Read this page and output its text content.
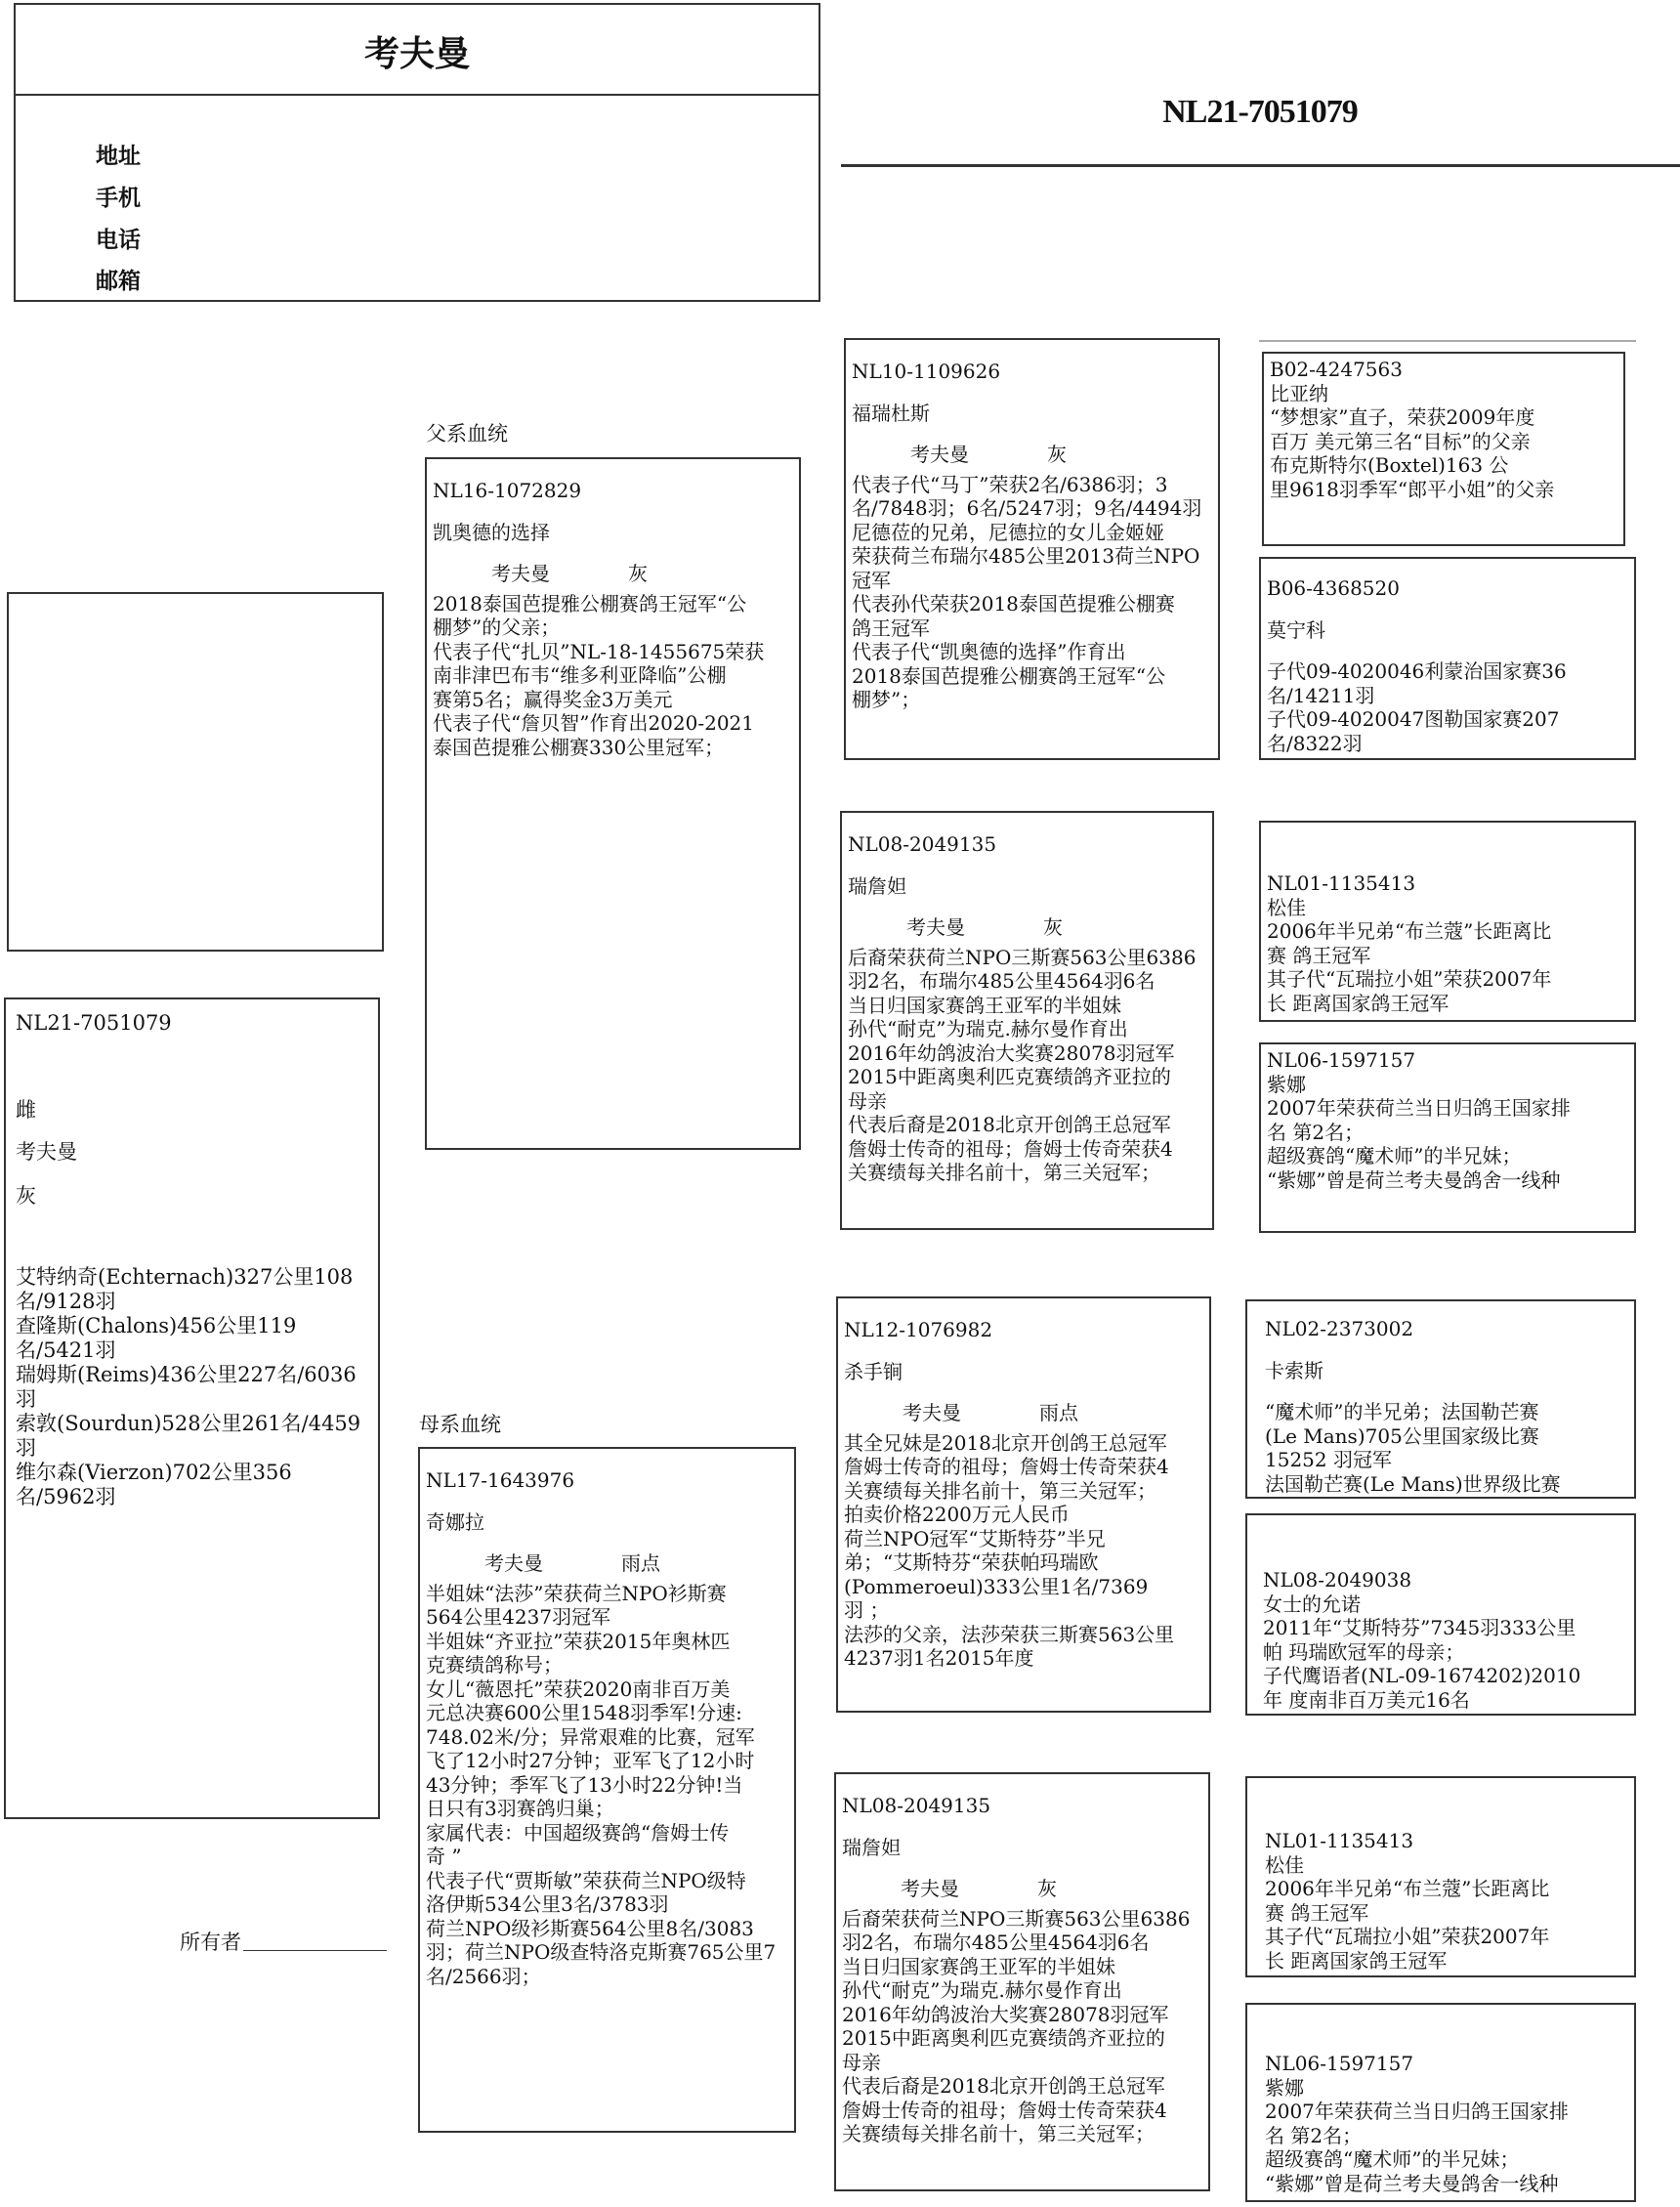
考夫曼
地址
手机
电话
邮箱
NL21-7051079
NL21-7051079
雌
考夫曼
灰
艾特纳奇(Echternach)327公里108
名/9128羽
查隆斯(Chalons)456公里119
名/5421羽
瑞姆斯(Reims)436公里227名/6036
羽
索敦(Sourdun)528公里261名/4459
羽
维尔森(Vierzon)702公里356
名/5962羽
所有者
父系血统
母系血统
NL16-1072829
凯奥德的选择
考夫曼	灰
2018泰国芭提雅公棚赛鸽王冠军“公
棚梦”的父亲；
代表子代“扎贝”NL-18-1455675荣获
南非津巴布韦“维多利亚降临”公棚
赛第5名；赢得奖金3万美元
代表子代“詹贝智”作育出2020-2021
泰国芭提雅公棚赛330公里冠军；
NL17-1643976
奇娜拉
考夫曼	雨点
半姐妹“法莎”荣获荷兰NPO衫斯赛
564公里4237羽冠军
半姐妹“齐亚拉”荣获2015年奥林匹
克赛绩鸽称号；
女儿“薇恩托”荣获2020南非百万美
元总决赛600公里1548羽季军!分速:
748.02米/分；异常艰难的比赛，冠军
飞了12小时27分钟；亚军飞了12小时
43分钟；季军飞了13小时22分钟!当
日只有3羽赛鸽归巢；
家属代表：中国超级赛鸽“詹姆士传
奇 ”
代表子代“贾斯敏”荣获荷兰NPO级特
洛伊斯534公里3名/3783羽
荷兰NPO级衫斯赛564公里8名/3083
羽；荷兰NPO级查特洛克斯赛765公里7
名/2566羽；
NL10-1109626
福瑞杜斯
考夫曼	灰
代表子代“马丁”荣获2名/6386羽；3
名/7848羽；6名/5247羽；9名/4494羽
尼德莅的兄弟，尼德拉的女儿金姬娅
荣获荷兰布瑞尔485公里2013荷兰NPO
冠军
代表孙代荣获2018泰国芭提雅公棚赛
鸽王冠军
代表子代“凯奥德的选择”作育出
2018泰国芭提雅公棚赛鸽王冠军“公
棚梦”；
NL08-2049135
瑞詹妲
考夫曼	灰
后裔荣获荷兰NPO三斯赛563公里6386
羽2名，布瑞尔485公里4564羽6名
当日归国家赛鸽王亚军的半姐妹
孙代“耐克”为瑞克.赫尔曼作育出
2016年幼鸽波治大奖赛28078羽冠军
2015中距离奥利匹克赛绩鸽齐亚拉的
母亲
代表后裔是2018北京开创鸽王总冠军
詹姆士传奇的祖母；詹姆士传奇荣获4
关赛绩每关排名前十，第三关冠军；
NL12-1076982
杀手锏
考夫曼	雨点
其全兄妹是2018北京开创鸽王总冠军
詹姆士传奇的祖母；詹姆士传奇荣获4
关赛绩每关排名前十，第三关冠军；
拍卖价格2200万元人民币
荷兰NPO冠军“艾斯特芬”半兄
弟；“艾斯特芬“荣获帕玛瑞欧
(Pommeroeul)333公里1名/7369
羽 ；
法莎的父亲，法莎荣获三斯赛563公里
4237羽1名2015年度
NL08-2049135
瑞詹妲
考夫曼	灰
后裔荣获荷兰NPO三斯赛563公里6386
羽2名，布瑞尔485公里4564羽6名
当日归国家赛鸽王亚军的半姐妹
孙代“耐克”为瑞克.赫尔曼作育出
2016年幼鸽波治大奖赛28078羽冠军
2015中距离奥利匹克赛绩鸽齐亚拉的
母亲
代表后裔是2018北京开创鸽王总冠军
詹姆士传奇的祖母；詹姆士传奇荣获4
关赛绩每关排名前十，第三关冠军；
B02-4247563
比亚纳
“梦想家”直子，荣获2009年度
百万 美元第三名“目标”的父亲
布克斯特尔(Boxtel)163 公
里9618羽季军“郎平小姐”的父亲
B06-4368520
莫宁科
子代09-4020046利蒙治国家赛36
名/14211羽
子代09-4020047图勒国家赛207
名/8322羽
NL01-1135413
松佳
2006年半兄弟“布兰蔻”长距离比
赛 鸽王冠军
其子代“瓦瑞拉小姐”荣获2007年
长 距离国家鸽王冠军
NL06-1597157
紫娜
2007年荣获荷兰当日归鸽王国家排
名 第2名；
超级赛鸽“魔术师”的半兄妹；
“紫娜”曾是荷兰考夫曼鸽舍一线种
NL02-2373002
卡索斯
“魔术师”的半兄弟；法国勒芒赛
(Le Mans)705公里国家级比赛
15252 羽冠军
法国勒芒赛(Le Mans)世界级比赛
NL08-2049038
女士的允诺
2011年“艾斯特芬”7345羽333公里
帕 玛瑞欧冠军的母亲；
子代鹰语者(NL-09-1674202)2010
年 度南非百万美元16名
NL01-1135413
松佳
2006年半兄弟“布兰蔻”长距离比
赛 鸽王冠军
其子代“瓦瑞拉小姐”荣获2007年
长 距离国家鸽王冠军
NL06-1597157
紫娜
2007年荣获荷兰当日归鸽王国家排
名 第2名；
超级赛鸽“魔术师”的半兄妹；
“紫娜”曾是荷兰考夫曼鸽舍一线种
